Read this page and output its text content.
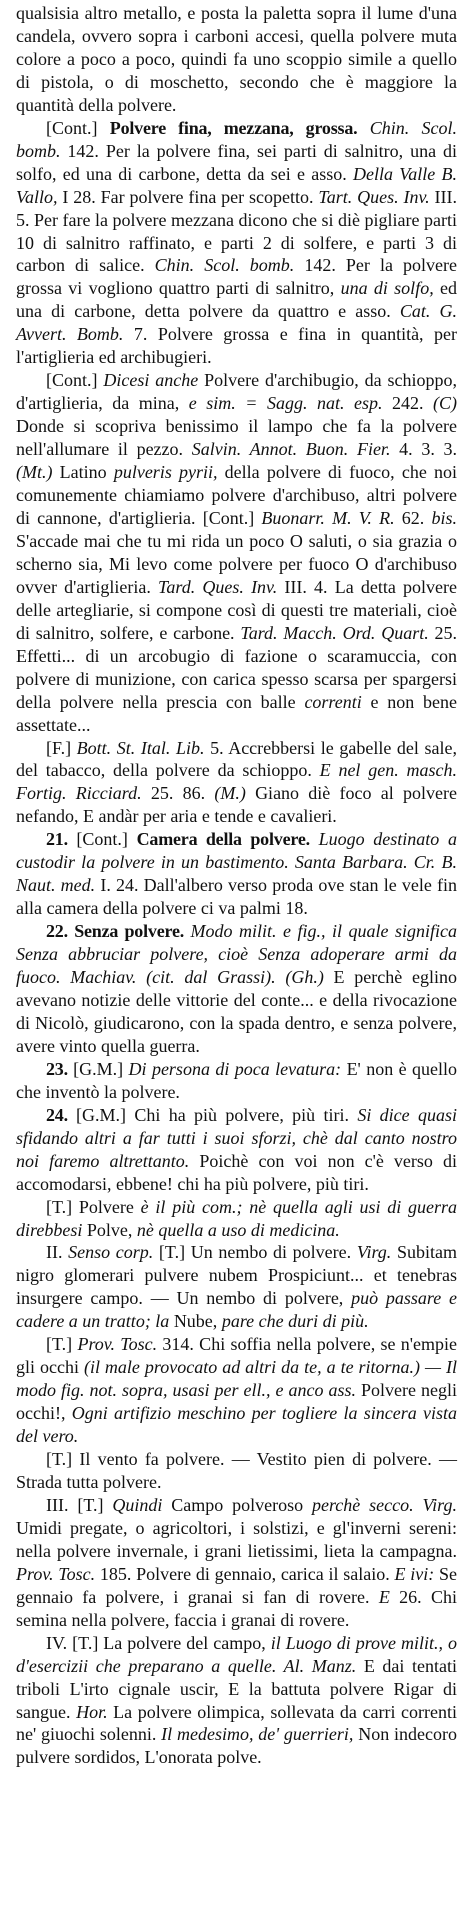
qualsisia altro metallo, e posta la paletta sopra il lume d'una candela, ovvero sopra i carboni accesi, quella polvere muta colore a poco a poco, quindi fa uno scoppio simile a quello di pistola, o di moschetto, secondo che è maggiore la quantità della polvere.

[Cont.] Polvere fina, mezzana, grossa. Chin. Scol. bomb. 142. Per la polvere fina, sei parti di salnitro, una di solfo, ed una di carbone, detta da sei e asso. Della Valle B. Vallo, I 28. Far polvere fina per scopetto. Tart. Ques. Inv. III. 5. Per fare la polvere mezzana dicono che si diè pigliare parti 10 di salnitro raffinato, e parti 2 di solfere, e parti 3 di carbon di salice. Chin. Scol. bomb. 142. Per la polvere grossa vi vogliono quattro parti di salnitro, una di solfo, ed una di carbone, detta polvere da quattro e asso. Cat. G. Avvert. Bomb. 7. Polvere grossa e fina in quantità, per l'artiglieria ed archibugieri.

[Cont.] Dicesi anche Polvere d'archibugio, da schioppo, d'artiglieria, da mina, e sim. = Sagg. nat. esp. 242. (C) Donde si scopriva benissimo il lampo che fa la polvere nell'allumare il pezzo. Salvin. Annot. Buon. Fier. 4. 3. 3. (Mt.) Latino pulveris pyrii, della polvere di fuoco, che noi comunemente chiamiamo polvere d'archibuso, altri polvere di cannone, d'artiglieria. [Cont.] Buonarr. M. V. R. 62. bis. S'accade mai che tu mi rida un poco O saluti, o sia grazia o scherno sia, Mi levo come polvere per fuoco O d'archibuso ovver d'artiglieria. Tard. Ques. Inv. III. 4. La detta polvere delle artegliarie, si compone così di questi tre materiali, cioè di salnitro, solfere, e carbone. Tard. Macch. Ord. Quart. 25. Effetti... di un arcobugio di fazione o scaramuccia, con polvere di munizione, con carica spesso scarsa per spargersi della polvere nella prescia con balle correnti e non bene assettate...

[F.] Bott. St. Ital. Lib. 5. Accrebbersi le gabelle del sale, del tabacco, della polvere da schioppo. E nel gen. masch. Fortig. Ricciard. 25. 86. (M.) Giano diè foco al polvere nefando, E andàr per aria e tende e cavalieri.

21. [Cont.] Camera della polvere. Luogo destinato a custodir la polvere in un bastimento. Santa Barbara. Cr. B. Naut. med. I. 24. Dall'albero verso proda ove stan le vele fin alla camera della polvere ci va palmi 18.

22. Senza polvere. Modo milit. e fig., il quale significa Senza abbruciar polvere, cioè Senza adoperare armi da fuoco. Machiav. (cit. dal Grassi). (Gh.) E perchè eglino avevano notizie delle vittorie del conte... e della rivocazione di Nicolò, giudicarono, con la spada dentro, e senza polvere, avere vinto quella guerra.

23. [G.M.] Di persona di poca levatura: E' non è quello che inventò la polvere.

24. [G.M.] Chi ha più polvere, più tiri. Si dice quasi sfidando altri a far tutti i suoi sforzi, chè dal canto nostro noi faremo altrettanto. Poichè con voi non c'è verso di accomodarsi, ebbene! chi ha più polvere, più tiri.

[T.] Polvere è il più com.; nè quella agli usi di guerra direbbesi Polve, nè quella a uso di medicina.

II. Senso corp. [T.] Un nembo di polvere. Virg. Subitam nigro glomerari pulvere nubem Prospiciunt... et tenebras insurgere campo. — Un nembo di polvere, può passare e cadere a un tratto; la Nube, pare che duri di più.

[T.] Prov. Tosc. 314. Chi soffia nella polvere, se n'empie gli occhi (il male provocato ad altri da te, a te ritorna.) — Il modo fig. not. sopra, usasi per ell., e anco ass. Polvere negli occhi!, Ogni artifizio meschino per togliere la sincera vista del vero.

[T.] Il vento fa polvere. — Vestito pien di polvere. — Strada tutta polvere.

III. [T.] Quindi Campo polveroso perchè secco. Virg. Umidi pregate, o agricoltori, i solstizi, e gl'inverni sereni: nella polvere invernale, i grani lietissimi, lieta la campagna. Prov. Tosc. 185. Polvere di gennaio, carica il salaio. E ivi: Se gennaio fa polvere, i granai si fan di rovere. E 26. Chi semina nella polvere, faccia i granai di rovere.

IV. [T.] La polvere del campo, il Luogo di prove milit., o d'esercizii che preparano a quelle. Al. Manz. E dai tentati triboli L'irto cignale uscir, E la battuta polvere Rigar di sangue. Hor. La polvere olimpica, sollevata da carri correnti ne' giuochi solenni. Il medesimo, de' guerrieri, Non indecoro pulvere sordidos, L'onorata polve.
